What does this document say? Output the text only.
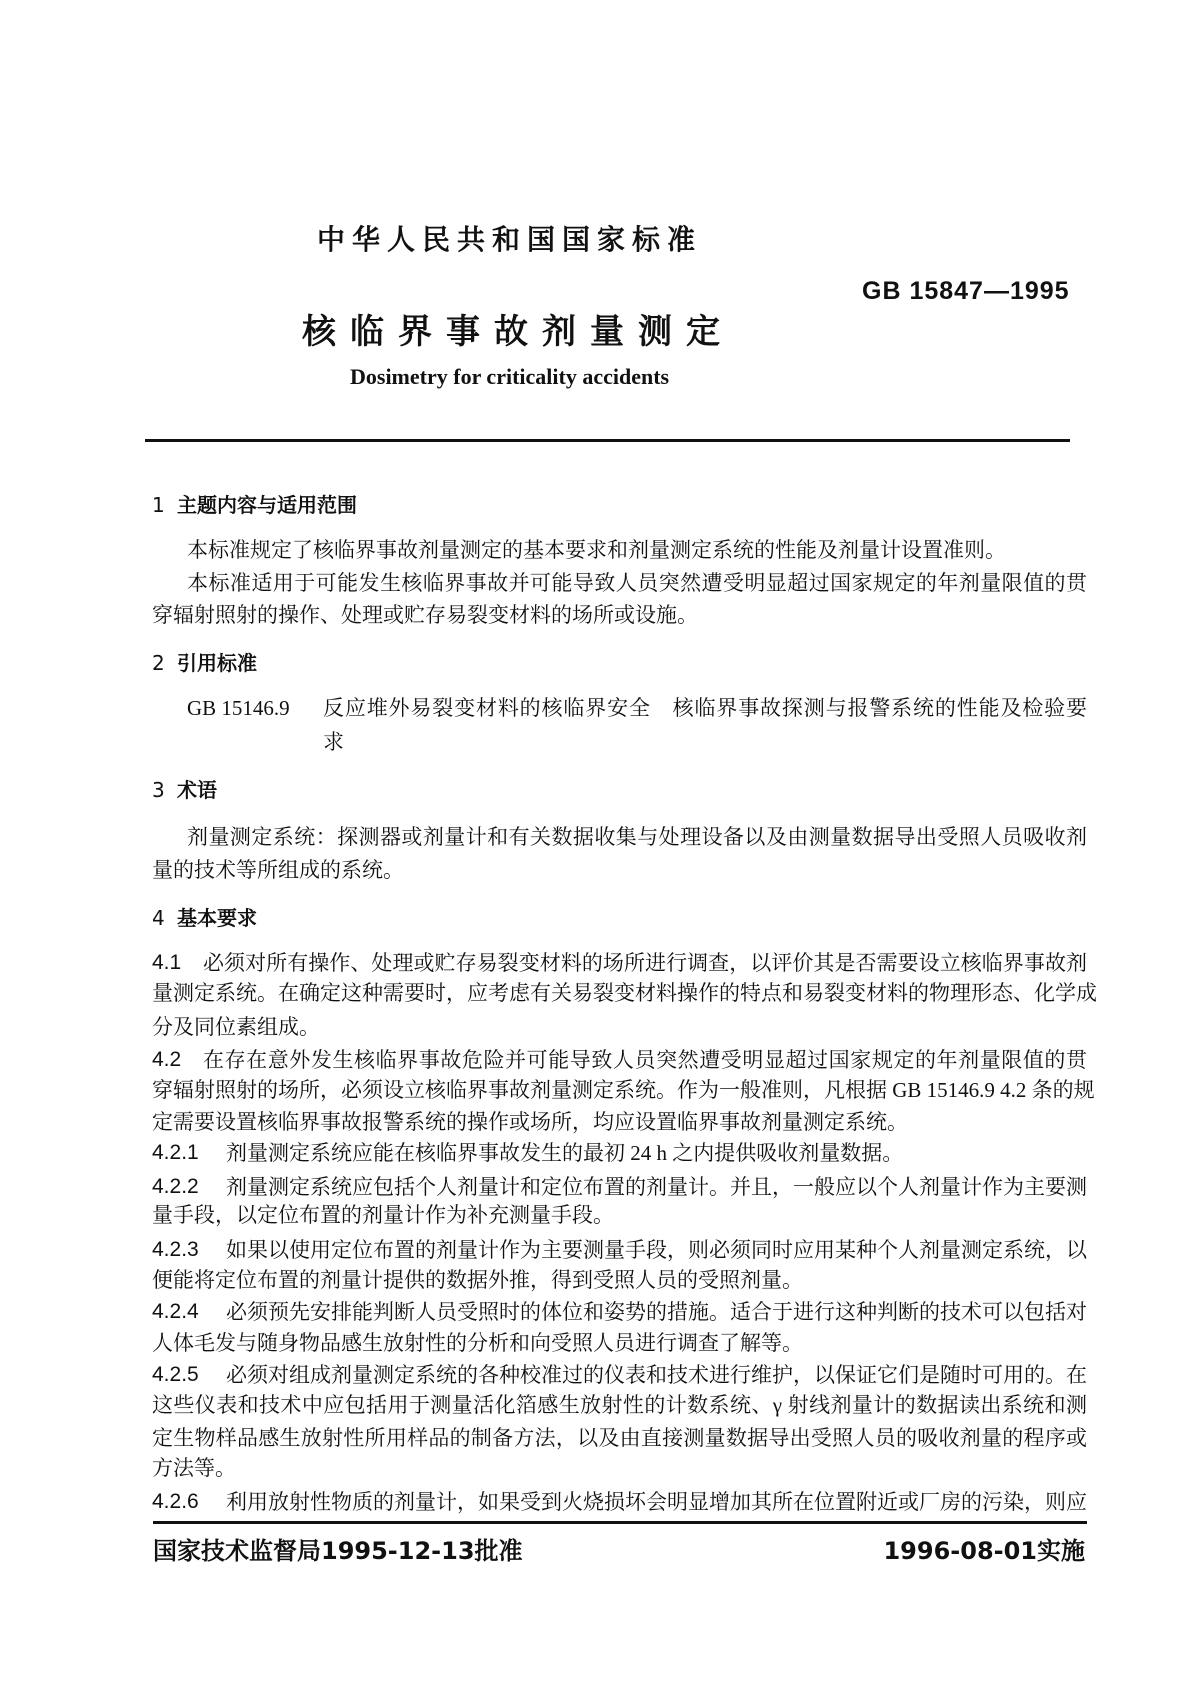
中华人民共和国国家标准
GB 15847—1995
核临界事故剂量测定
Dosimetry for criticality accidents
1 主题内容与适用范围
本标准规定了核临界事故剂量测定的基本要求和剂量测定系统的性能及剂量计设置准则。
本标准适用于可能发生核临界事故并可能导致人员突然遭受明显超过国家规定的年剂量限值的贯
穿辐射照射的操作、处理或贮存易裂变材料的场所或设施。
2 引用标准
GB 15146.9 反应堆外易裂变材料的核临界安全　核临界事故探测与报警系统的性能及检验要
求
3 术语
剂量测定系统：探测器或剂量计和有关数据收集与处理设备以及由测量数据导出受照人员吸收剂
量的技术等所组成的系统。
4 基本要求
4.1 必须对所有操作、处理或贮存易裂变材料的场所进行调查，以评价其是否需要设立核临界事故剂
量测定系统。在确定这种需要时，应考虑有关易裂变材料操作的特点和易裂变材料的物理形态、化学成
分及同位素组成。
4.2 在存在意外发生核临界事故危险并可能导致人员突然遭受明显超过国家规定的年剂量限值的贯
穿辐射照射的场所，必须设立核临界事故剂量测定系统。作为一般准则，凡根据 GB 15146.9 4.2 条的规
定需要设置核临界事故报警系统的操作或场所，均应设置临界事故剂量测定系统。
4.2.1 剂量测定系统应能在核临界事故发生的最初 24 h 之内提供吸收剂量数据。
4.2.2 剂量测定系统应包括个人剂量计和定位布置的剂量计。并且，一般应以个人剂量计作为主要测
量手段，以定位布置的剂量计作为补充测量手段。
4.2.3 如果以使用定位布置的剂量计作为主要测量手段，则必须同时应用某种个人剂量测定系统，以
便能将定位布置的剂量计提供的数据外推，得到受照人员的受照剂量。
4.2.4 必须预先安排能判断人员受照时的体位和姿势的措施。适合于进行这种判断的技术可以包括对
人体毛发与随身物品感生放射性的分析和向受照人员进行调查了解等。
4.2.5 必须对组成剂量测定系统的各种校准过的仪表和技术进行维护，以保证它们是随时可用的。在
这些仪表和技术中应包括用于测量活化箔感生放射性的计数系统、γ 射线剂量计的数据读出系统和测
定生物样品感生放射性所用样品的制备方法，以及由直接测量数据导出受照人员的吸收剂量的程序或
方法等。
4.2.6 利用放射性物质的剂量计，如果受到火烧损坏会明显增加其所在位置附近或厂房的污染，则应
国家技术监督局1995-12-13批准	1996-08-01实施
